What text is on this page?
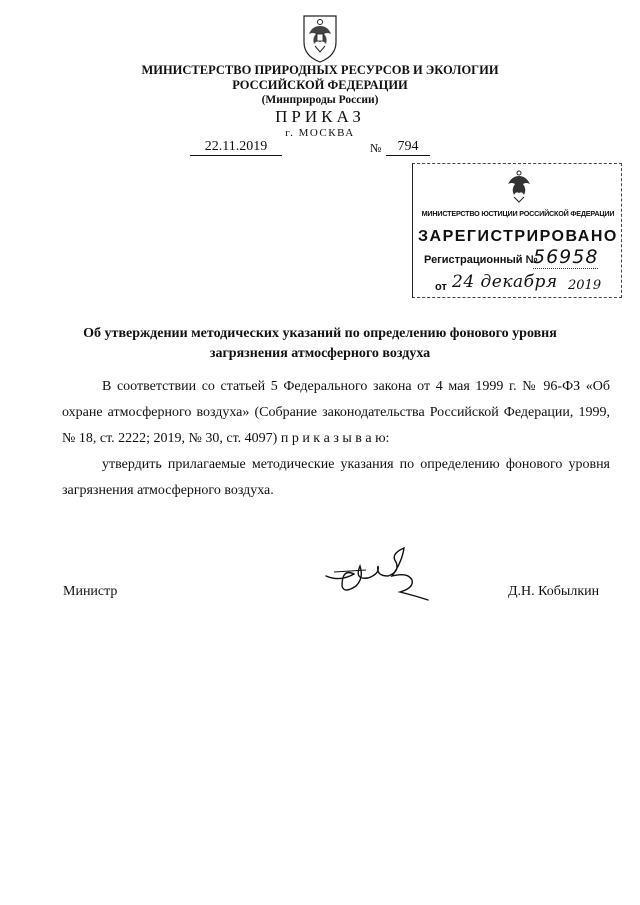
МИНИСТЕРСТВО ПРИРОДНЫХ РЕСУРСОВ И ЭКОЛОГИИ
РОССИЙСКОЙ ФЕДЕРАЦИИ
(Минприроды России)
ПРИКАЗ
г. МОСКВА
22.11.2019	№	794
МИНИСТЕРСТВО ЮСТИЦИИ РОССИЙСКОЙ ФЕДЕРАЦИИ
ЗАРЕГИСТРИРОВАНО
Регистрационный №
56958
от 24 декабря 2019
Об утверждении методических указаний по определению фонового уровня загрязнения атмосферного воздуха
В соответствии со статьей 5 Федерального закона от 4 мая 1999 г. № 96-ФЗ «Об охране атмосферного воздуха» (Собрание законодательства Российской Федерации, 1999, № 18, ст. 2222; 2019, № 30, ст. 4097) п р и к а з ы в а ю:
утвердить прилагаемые методические указания по определению фонового уровня загрязнения атмосферного воздуха.
Министр	Д.Н. Кобылкин
